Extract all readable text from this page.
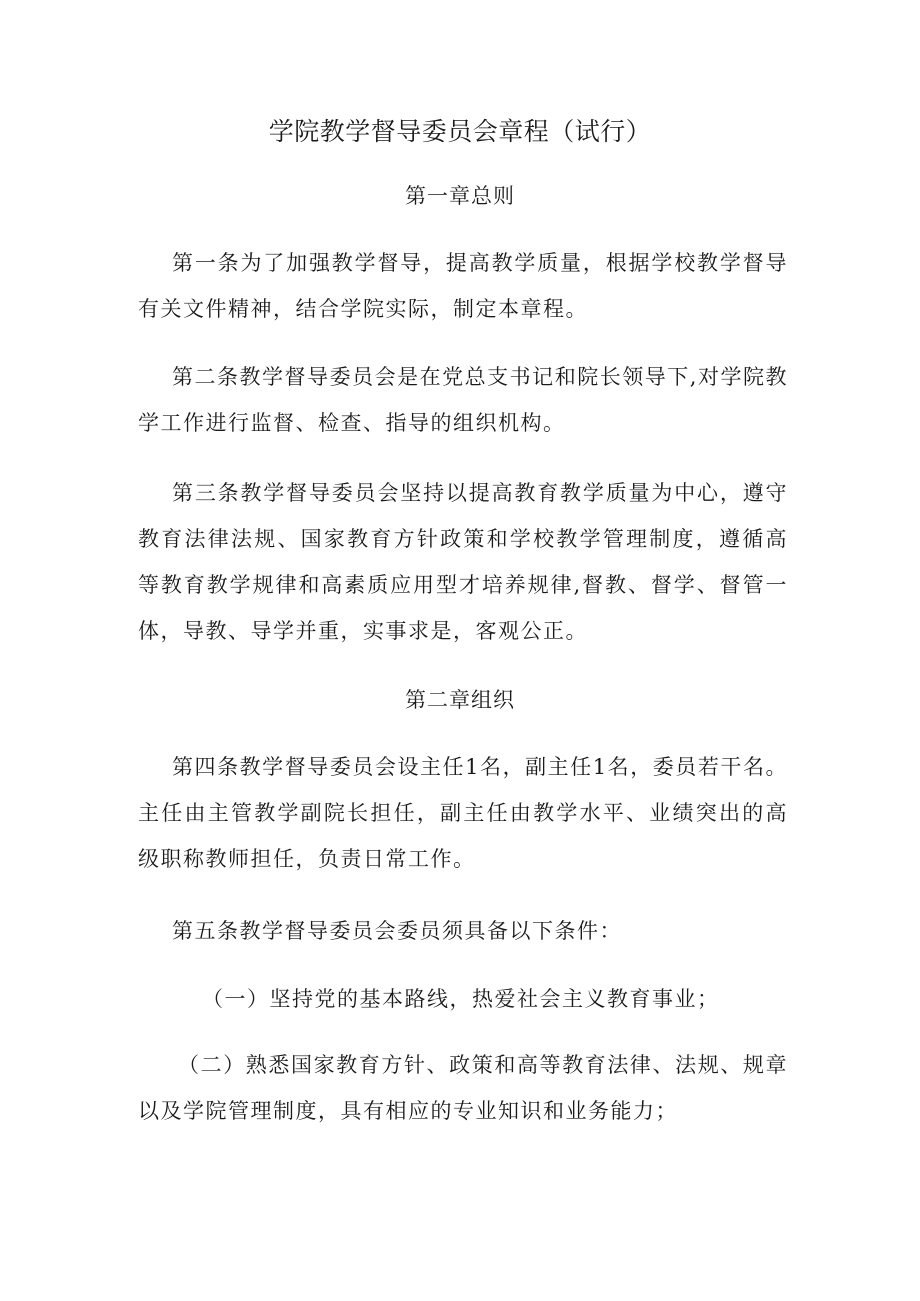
学院教学督导委员会章程（试行）
第一章总则
第一条为了加强教学督导，提高教学质量，根据学校教学督导有关文件精神，结合学院实际，制定本章程。
第二条教学督导委员会是在党总支书记和院长领导下,对学院教学工作进行监督、检查、指导的组织机构。
第三条教学督导委员会坚持以提高教育教学质量为中心，遵守教育法律法规、国家教育方针政策和学校教学管理制度，遵循高等教育教学规律和高素质应用型才培养规律,督教、督学、督管一体，导教、导学并重，实事求是，客观公正。
第二章组织
第四条教学督导委员会设主任1名，副主任1名，委员若干名。主任由主管教学副院长担任，副主任由教学水平、业绩突出的高级职称教师担任，负责日常工作。
第五条教学督导委员会委员须具备以下条件：
（一）坚持党的基本路线，热爱社会主义教育事业；
（二）熟悉国家教育方针、政策和高等教育法律、法规、规章以及学院管理制度，具有相应的专业知识和业务能力；
